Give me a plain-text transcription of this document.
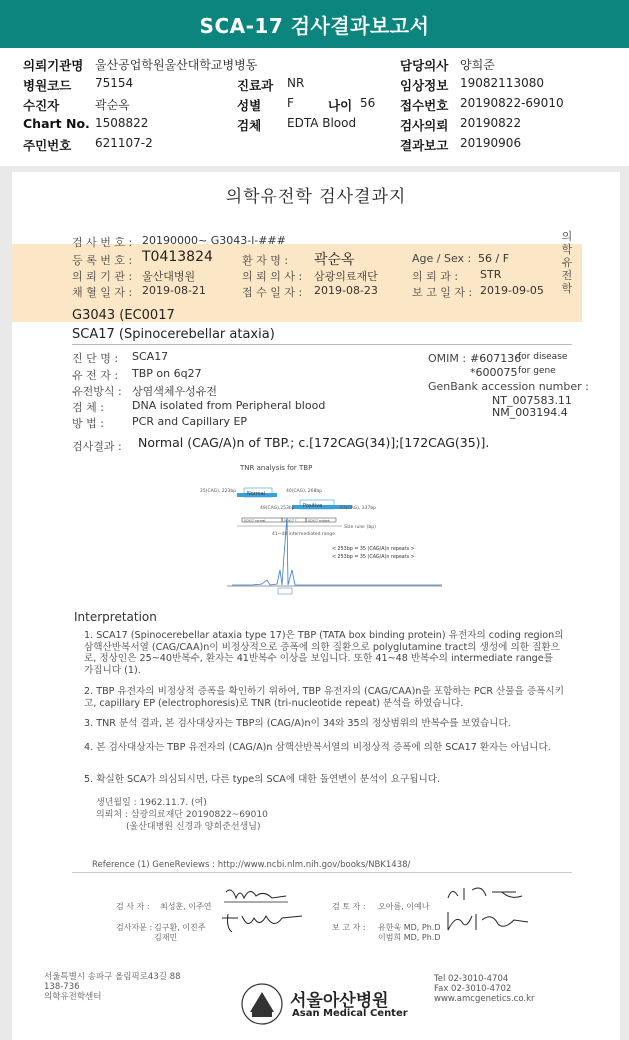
SCA-17 검사결과보고서
의뢰기관명 울산공업학원울산대학교병병동	담당의사 양희준
병원코드 75154	진료과 NR	임상정보 19082113080
수진자	곽순옥	성별 F	나이 56 접수번호 20190822-69010
Chart No. 1508822	검체 EDTA Blood	검사의뢰 20190822
주민번호 621107-2	결과보고 20190906
의학유전학 검사결과지
의 학 유 전 학
검 사 번 호 : 20190000~ G3043-l-###
등 록 번 호 : T0413824	환 자 명 : 곽순옥	Age / Sex : 56 / F
의 뢰 기 관 : 울산대병원	의 뢰 의 사 : 삼광의료재단	의 뢰 과 : STR
채 혈 일 자 : 2019-08-21	접 수 일 자 : 2019-08-23	보 고 일 자 : 2019-09-05
G3043 (EC0017
SCA17 (Spinocerebellar ataxia)
진 단 명 : SCA17
유 전 자 : TBP on 6q27
유전방식 : 상염색체우성유전
검 체 :	DNA isolated from Peripheral blood
방 법 :	PCR and Capillary EP
OMIM : #607136
for disease
*600075 for gene
GenBank accession number :
NT_007583.11
NM_003194.4
검사결과 : Normal (CAG/A)n of TBP.; c.[172CAG(34)];[172CAG(35)].
TNR analysis for TBP
Normal
Positive
25(CAG), 223bp	40(CAG), 268bp
49(CAG),253bp	63(CAG), 337bp
SCA17 normal	SCA17 ?	SCA17 mutant
Size ruler (bp)
41~48 intermediated range
< 253bp = 35 (CAG/A)n repeats >
< 253bp = 35 (CAG/A)n repeats >
Interpretation
1. SCA17 (Spinocerebellar ataxia type 17)은 TBP (TATA box binding protein) 유전자의 coding region의 삼핵산반복서열 (CAG/CAA)n이 비정상적으로 증폭에 의한 질환으로 polyglutamine tract의 생성에 의한 질환으로, 정상인은 25~40반복수, 환자는 41반복수 이상을 보입니다. 또한 41~48 반복수의 intermediate range를 가집니다 (1).
2. TBP 유전자의 비정상적 증폭을 확인하기 위하여, TBP 유전자의 (CAG/CAA)n을 포함하는 PCR 산물을 증폭시키고, capillary EP (electrophoresis)로 TNR (tri-nucleotide repeat) 분석을 하였습니다.
3. TNR 분석 결과, 본 검사대상자는 TBP의 (CAG/A)n이 34와 35의 정상범위의 반복수를 보였습니다.
4. 본 검사대상자는 TBP 유전자의 (CAG/A)n 삼핵산반복서열의 비정상적 증폭에 의한 SCA17 환자는 아닙니다.
5. 확실한 SCA가 의심되시면, 다른 type의 SCA에 대한 돌연변이 분석이 요구됩니다.
생년월일 : 1962.11.7. (여)
의뢰처 : 삼광의료재단 20190822~69010
(울산대병원 신경과 양희준선생님)
Reference (1) GeneReviews : http://www.ncbi.nlm.nih.gov/books/NBK1438/
검 사 자 : 최성훈, 이주연	검 토 자 : 오아름, 이예나
검사자문 : 김구환, 이진주
김재민
보 고 자 : 유한욱 MD, Ph.D
이범희 MD, Ph.D
서울특별시 송파구 올림픽로43길 88
138-736
의학유전학센터
Tel 02-3010-4704
Fax 02-3010-4702
www.amcgenetics.co.kr
서울아산병원
Asan Medical Center
